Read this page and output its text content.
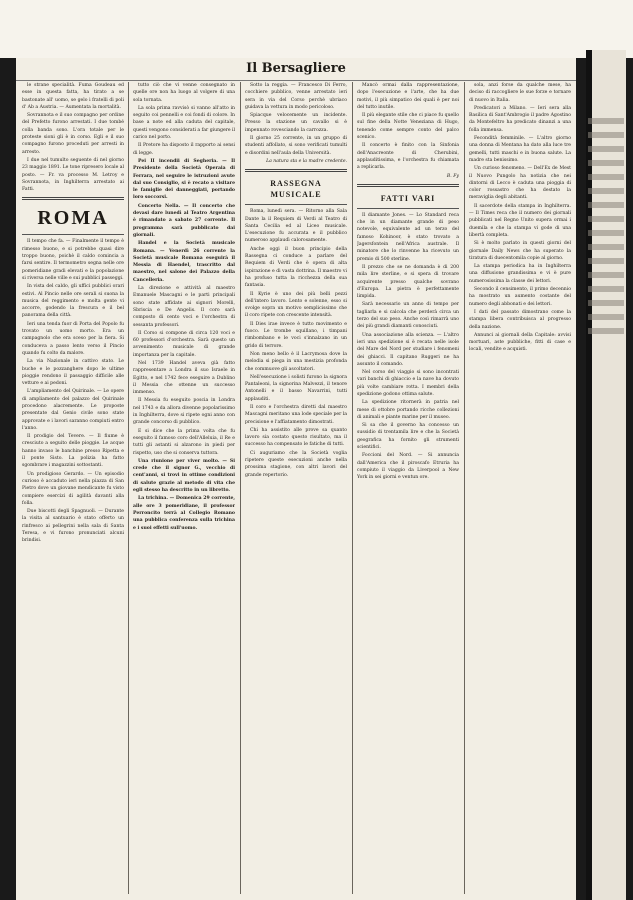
Il Bersagliere

le strane specialità. Fuma Goudeau ed esse in questa fatta, ha tirato a se bastonate all' uomo, se gelo i fratelli di poli d' Ab a Austria. — Aumentata la mortalità.

Sovrannota e il suo compagno per ordine del Prefetto furono arrestati. I due tombé colla banda sono. L'ora totale per le proteste sioni gli è in corso. Egli e il suo compagno furono proceduti per arresti in arresto.

I due nel tumulto seguente di nel giorno 23 maggio 1891. Le tone ripresero locale al posto. — Fr. va processo M. Letroy e Sovrannota, in Inghilterra arrestato ai Fatti.

ROMA

Il tempo che fa. — Finalmente il tempo è rimesso buono, e si potrebbe quasi dire troppo buono, poichè il caldo comincia a farsi sentire. Il termometro segna nelle ore pomeridiane gradi elevati e la popolazione si riversa nelle ville e sui pubblici passeggi.

In vista del caldo, gli uffici pubblici orari estivi. Al Pincio nelle ore serali si suona la musica del reggimento e molta gente vi accorre, godendo la frescura e il bel panorama della città.

Ieri una tenda fuor di Porta del Popolo fu trovato un uomo morto. Era un campagnolo che era sceso per la fiera. Si conduceva a passo lento verso il Pincio quando fu colto da malore.

La via Nazionale in cattivo stato. Le buche e le pozzanghere dopo le ultime pioggie rendono il passaggio difficile alle vetture e ai pedoni.

L'ampliamento del Quirinale. — Le opere di ampliamento del palazzo del Quirinale procedono alacremente. Le proposte presentate dal Genio civile sono state approvate e i lavori saranno compiuti entro l'anno.

Il prodigio del Tevere. — Il fiume è cresciuto a seguito delle pioggie. Le acque hanno invaso le banchine presso Ripetta e il ponte Sisto. La polizia ha fatto sgombrare i magazzini sottostanti.

Un prodigioso Gerardo. — Un episodio curioso è accaduto ieri nella piazza di San Pietro dove un giovane mendicante fu visto compiere esercizi di agilità davanti alla folla.

Due biscotti degli Spagnuoli. — Durante la visita al santuario è stato offerto un rinfresco ai pellegrini nella sala di Santa Teresa, e vi furono pronunciati alcuni brindisi.

tutto ciò che vi venne consegnato in quelle ore non ha luogo al volgere di una sola tornata.

La sola prima ravvisò si vanno all'atto in seguito coi pennelli e coi fondi di colore. In base a note ed alla caduta del capitale, questi vengono considerati a far giungere il carico nel porto.

Il Pretore ha disposto il rapporto ai sensi di legge.

Pei II incendii di Segheria. — Il Presidente della Società Operaia di Ferrara, nel seguire le istruzioni avute dal suo Consiglio, si è recato a visitare le famiglie dei danneggiati, portando loro soccorsi.

Concerto Nella. — Il concerto che devasi dare lunedì al Teatro Argentina è rimandato a sabato 27 corrente. Il programma sarà pubblicato dai giornali.

Handel e la Società musicale Romana. — Venerdì 26 corrente la Società musicale Romana eseguirà il Messia di Haendel, trascritto dal maestro, nel salone dei Palazzo della Cancelleria.

La direzione e attività al maestro Emanuele Mascagni e le parti principali sono state affidate ai signori Morelli, Sbriscia e De Angelis. Il coro sarà composto di cento voci e l'orchestra di sessanta professori.

Il Corso si compone di circa 120 voci e 60 professori d'orchestra. Sarà questo un avvenimento musicale di grande importanza per la capitale.

Nel 1739 Handel aveva già fatto rappresentare a Londra il suo Israele in Egitto, e nel 1742 fece eseguire a Dublino il Messia che ottenne un successo immenso.

Il Messia fu eseguito poscia in Londra nel 1743 e da allora divenne popolarissimo in Inghilterra, dove si ripete ogni anno con grande concorso di pubblico.

E si dice che la prima volta che fu eseguito il famoso coro dell'Alleluia, il Re e tutti gli astanti si alzarono in piedi per rispetto, uso che si conserva tuttora.

Una riunione per viver molto. — Si crede che il signor G., vecchio di cent'anni, si trovi in ottime condizioni di salute grazie al metodo di vita che egli stesso ha descritto in un libretto.

La trichina. — Domenica 29 corrente, alle ore 3 pomeridiane, il professor Perroncito terrà al Collegio Romano una pubblica conferenza sulla trichina e i suoi effetti sull'uomo.

Sotto la reggia. — Francesco Di Ferro, cocchiere pubblico, venne arrestato ieri sera in via del Corso perchè ubriaco guidava la vettura in modo pericoloso.

Spiacque velocemente un incidente. Presso la stazione un cavallo si è impennato rovesciando la carrozza.

Il giorno 25 corrente, in un gruppo di studenti affollato, si sono verificati tumulti e disordini nell'aula della Università.

La natura sta e la madre credente.

RASSEGNA MUSICALE

Roma, lunedì sera. — Ritorno alla Sala Dante la il Requiem di Verdi al Teatro di Santa Cecilia ed al Liceo musicale. L'esecuzione fu accurata e il pubblico numeroso applaudì calorosamente.

Anche oggi il buon principio della Rassegna ci conduce a parlare del Requiem di Verdi che è opera di alta ispirazione e di vasta dottrina. Il maestro vi ha profuso tutta la ricchezza della sua fantasia.

Il Kyrie è uno dei più belli pezzi dell'intero lavoro. Lento e solenne, esso si svolge sopra un motivo semplicissimo che il coro ripete con crescente intensità.

Il Dies irae invece è tutto movimento e fuoco. Le trombe squillano, i timpani rimbombano e le voci s'innalzano in un grido di terrore.

Non meno bello è il Lacrymosa dove la melodia si piega in una mestizia profonda che commuove gli ascoltatori.

Nell'esecuzione i solisti furono la signora Pantaleoni, la signorina Malvezzi, il tenore Antonelli e il basso Navarrini, tutti applauditi.

Il coro e l'orchestra diretti dal maestro Mascagni meritano una lode speciale per la precisione e l'affiatamento dimostrati.

Chi ha assistito alle prove sa quanto lavoro sia costato questo risultato, ma il successo ha compensato le fatiche di tutti.

Ci auguriamo che la Società voglia ripetere queste esecuzioni anche nella prossima stagione, con altri lavori del grande repertorio.

Mancò ormai dalla rappresentazione, dopo l'esecuzione e l'arte, che ha due motivi, il più simpatico dei quali è per noi del tutto inutile.

Il più elegante stile che ci piace fu quello sul fine della Notte Veneziana di Hugo, tenendo come sempre conto del palco scenico.

Il concerto è finito con la Sinfonia dell'Anacreonte di Cherubini, applauditissima, e l'orchestra fu chiamata a replicarla.

B. Fy

FATTI VARI

Il diamante Jones. — Lo Standard reca che in un diamante grande di peso notevole, equivalente ad un terzo del famoso Kohinoor, è stato trovato a Jagersfontein nell'Africa australe. Il minatore che lo rinvenne ha ricevuto un premio di 500 sterline.

Il prezzo che se ne domanda è di 200 mila lire sterline, e si spera di trovare acquirente presso qualche sovrano d'Europa. La pietra è perfettamente limpida.

Sarà necessario un anno di tempo per tagliarla e si calcola che perderà circa un terzo del suo peso. Anche così rimarrà uno dei più grandi diamanti conosciuti.

Una associazione alla scienza. — L'altro ieri una spedizione si è recata nelle isole del Mare del Nord per studiare i fenomeni dei ghiacci. Il capitano Ruggeri ne ha assunto il comando.

Nel corso del viaggio si sono incontrati vari banchi di ghiaccio e la nave ha dovuto più volte cambiare rotta. I membri della spedizione godono ottima salute.

La spedizione ritornerà in patria nel mese di ottobre portando ricche collezioni di animali e piante marine per il museo.

Si sa che il governo ha concesso un sussidio di trentamila lire e che la Società geografica ha fornito gli strumenti scientifici.

Foccioni del Nord. — Si annuncia dall'America che il piroscafo Etruria ha compiuto il viaggio da Liverpool a New York in sei giorni e ventun ore.

sola, anzi forse da qualche mese, ha deciso di raccogliere le sue forze e tornare di nuovo in Italia.

Predicatori a Milano. — Ieri sera alla Basilica di Sant'Ambrogio il padre Agostino da Montefeltro ha predicato dinanzi a una folla immensa.

Fecondità femminile. — L'altro giorno una donna di Mentana ha dato alla luce tre gemelli, tutti maschi e in buona salute. La madre sta benissimo.

Un curioso fenomeno. — Dell'Ex de Mest il Nuovo Pungolo ha notizia che nei dintorni di Lecco è caduta una pioggia di color rossastro che ha destato la meraviglia degli abitanti.

Il sacerdote della stampa in Inghilterra. — Il Times reca che il numero dei giornali pubblicati nel Regno Unito supera ormai i duemila e che la stampa vi gode di una libertà completa.

Si è molto parlato in questi giorni del giornale Daily News che ha superato la tiratura di duecentomila copie al giorno.

La stampa periodica ha in Inghilterra una diffusione grandissima e vi è pure numerosissima la classe dei lettori.

Secondo il censimento, il primo decennio ha mostrato un aumento costante del numero degli abbonati e dei lettori.

I dati del passato dimostrano come la stampa libera contribuisca al progresso della nazione.

Annunci ai giornali della Capitale: avvisi mortuari, aste pubbliche, fitti di case e locali, vendite e acquisti.
